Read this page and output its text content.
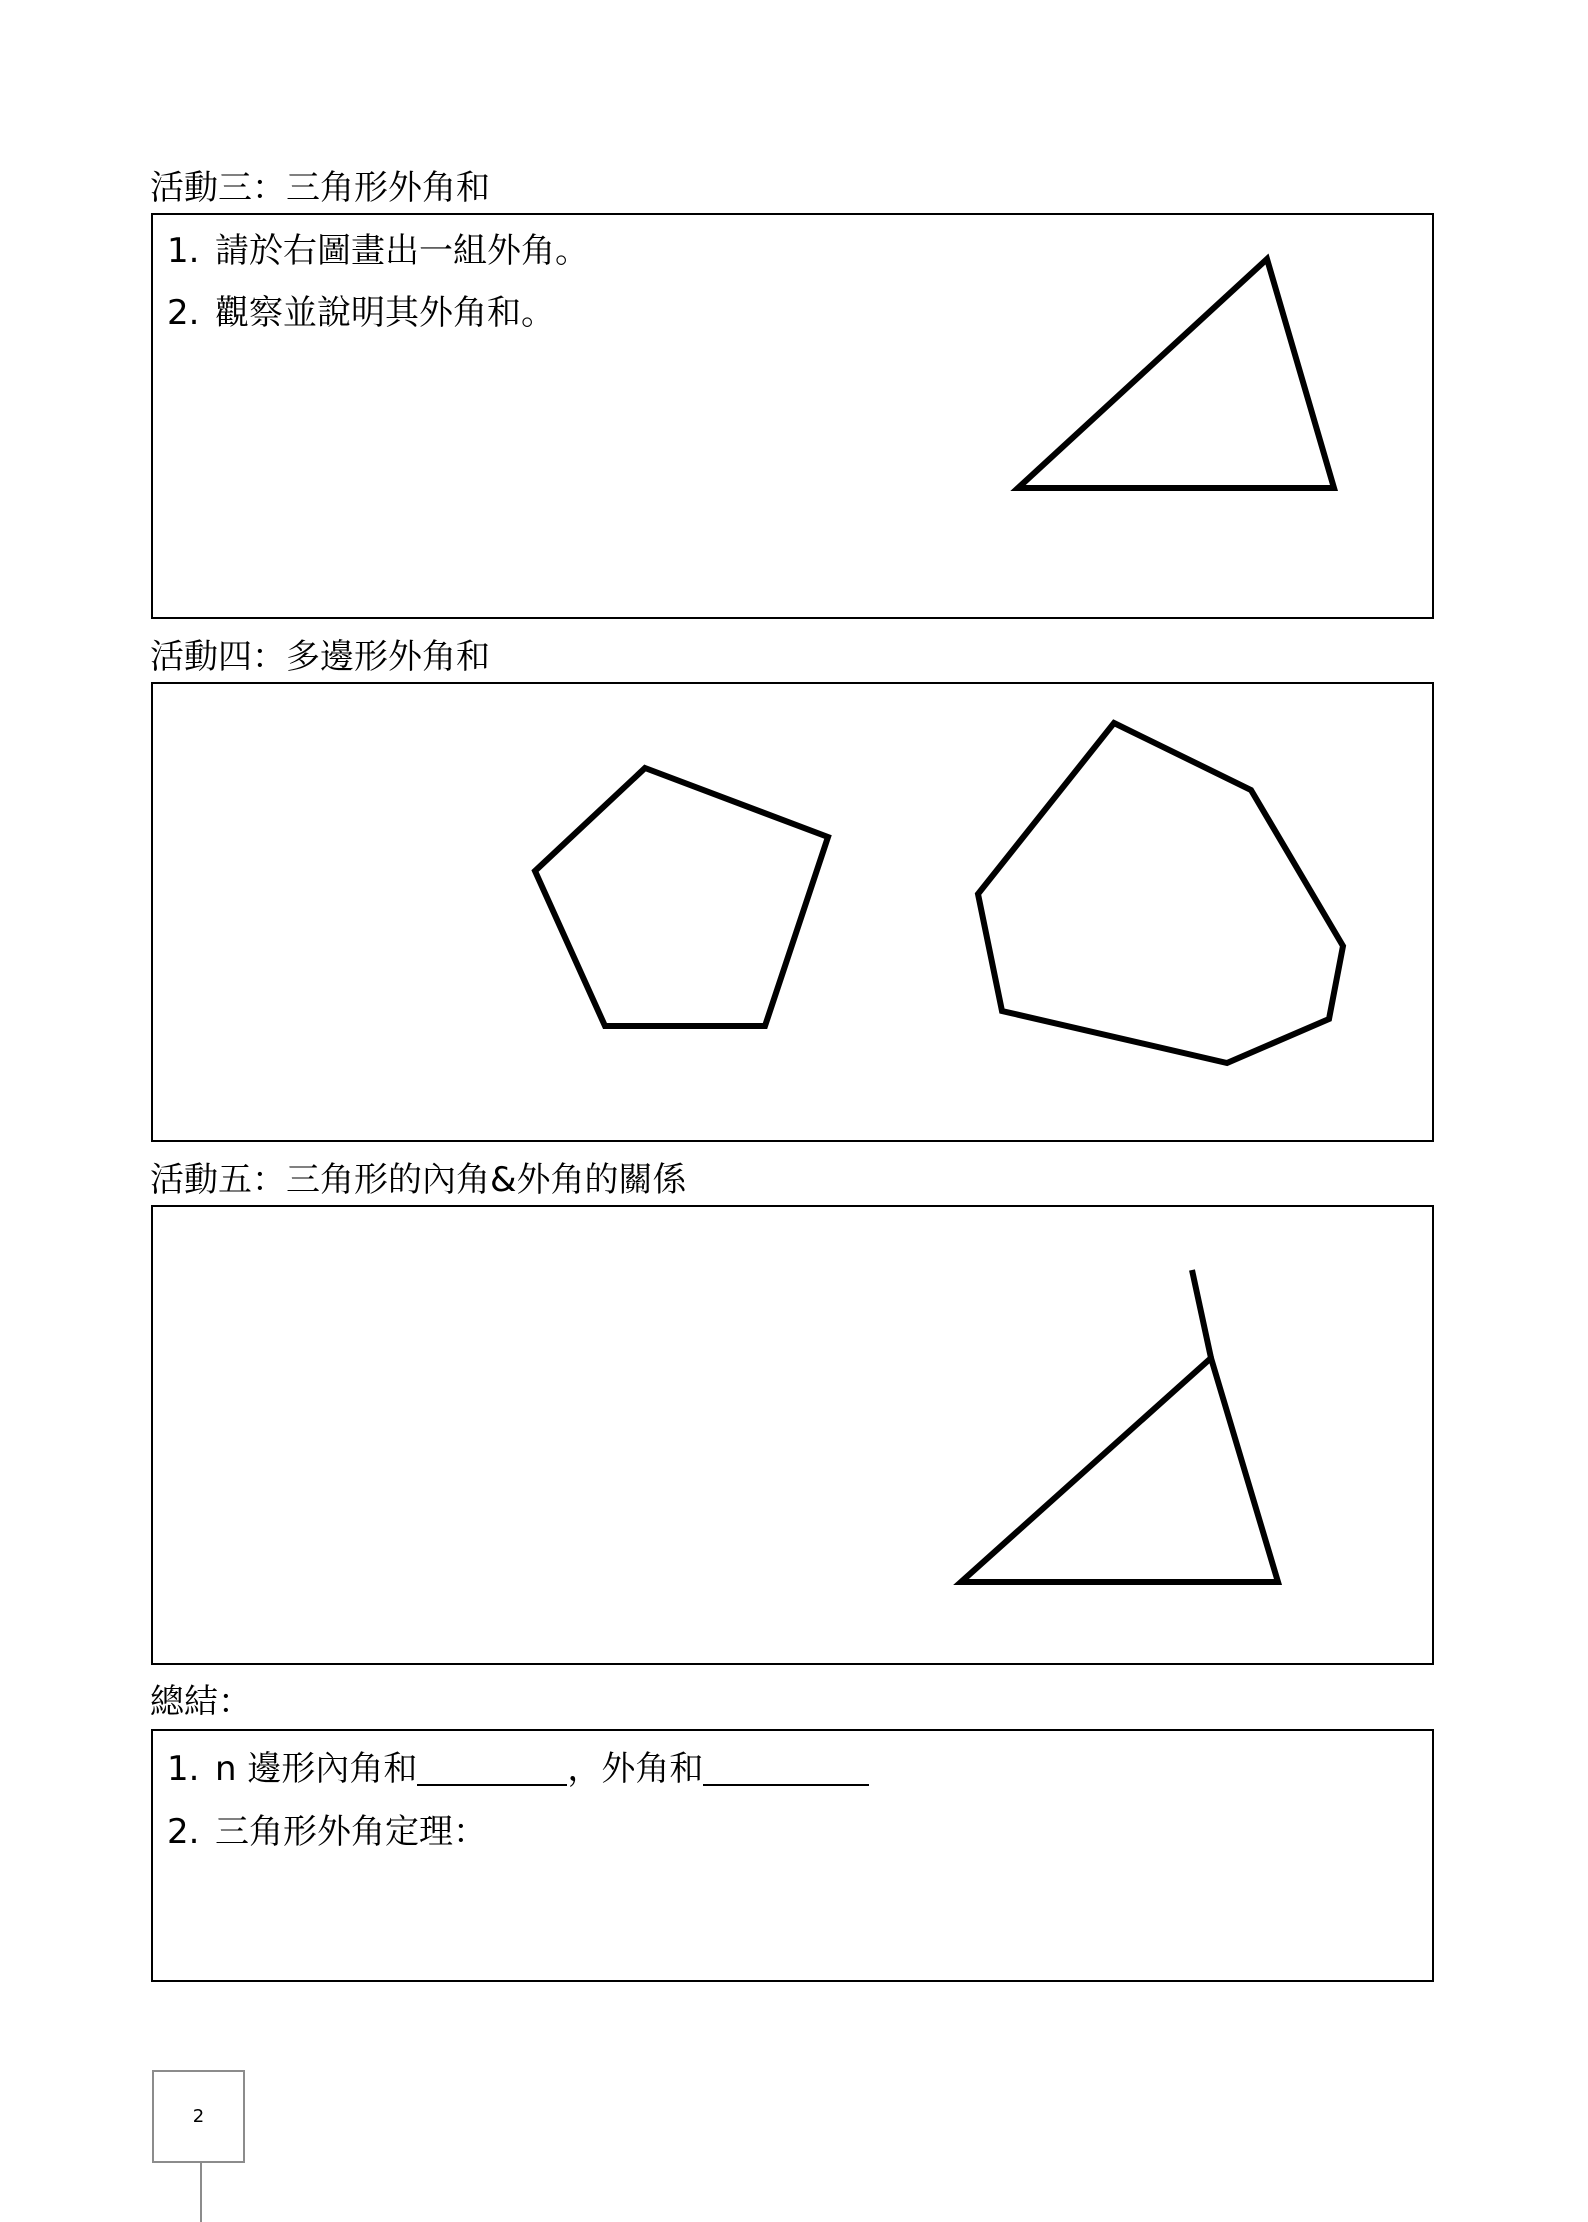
活動三：三角形外角和
1. 請於右圖畫出一組外角。
2. 觀察並說明其外角和。
活動四：多邊形外角和
活動五：三角形的內角&外角的關係
總結：
1. n 邊形內角和	，外角和
2. 三角形外角定理：
2
